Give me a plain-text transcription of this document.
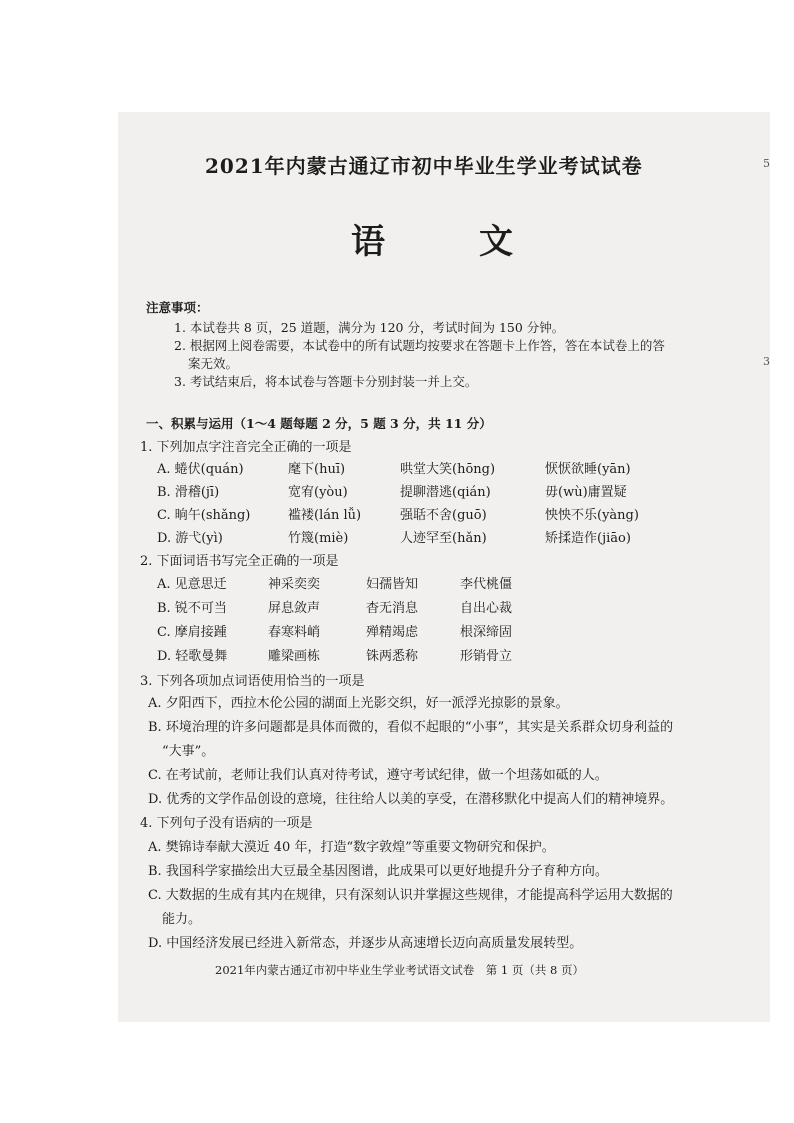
2021年内蒙古通辽市初中毕业生学业考试试卷
语　文
注意事项：
1. 本试卷共 8 页，25 道题，满分为 120 分，考试时间为 150 分钟。
2. 根据网上阅卷需要，本试卷中的所有试题均按要求在答题卡上作答，答在本试卷上的答
案无效。
3. 考试结束后，将本试卷与答题卡分别封装一并上交。
一、积累与运用（1～4 题每题 2 分，5 题 3 分，共 11 分）
1. 下列加点字注音完全正确的一项是
A. 蜷伏(quán)	麾下(huī)	哄堂大笑(hōng)	恹恹欲睡(yān)
B. 滑稽(jī)	宽宥(yòu)	提聊潜逃(qián)	毋(wù)庸置疑
C. 晌午(shǎng)	褴褛(lán lǚ)	强聒不舍(guō)	怏怏不乐(yàng)
D. 游弋(yì)	竹篾(miè)	人迹罕至(hǎn)	矫揉造作(jiāo)
2. 下面词语书写完全正确的一项是
A. 见意思迁	神采奕奕	妇孺皆知	李代桃僵
B. 锐不可当	屏息敛声	杳无消息	自出心裁
C. 摩肩接踵	春寒料峭	殚精竭虑	根深缔固
D. 轻歌曼舞	雕梁画栋	铢两悉称	形销骨立
3. 下列各项加点词语使用恰当的一项是
A. 夕阳西下，西拉木伦公园的湖面上光影交织，好一派浮光掠影的景象。
B. 环境治理的许多问题都是具体而微的，看似不起眼的“小事”，其实是关系群众切身利益的
“大事”。
C. 在考试前，老师让我们认真对待考试，遵守考试纪律，做一个坦荡如砥的人。
D. 优秀的文学作品创设的意境，往往给人以美的享受，在潜移默化中提高人们的精神境界。
4. 下列句子没有语病的一项是
A. 樊锦诗奉献大漠近 40 年，打造“数字敦煌”等重要文物研究和保护。
B. 我国科学家描绘出大豆最全基因图谱，此成果可以更好地提升分子育种方向。
C. 大数据的生成有其内在规律，只有深刻认识并掌握这些规律，才能提高科学运用大数据的
能力。
D. 中国经济发展已经进入新常态，并逐步从高速增长迈向高质量发展转型。
2021年内蒙古通辽市初中毕业生学业考试语文试卷　第 1 页（共 8 页）
5
3
